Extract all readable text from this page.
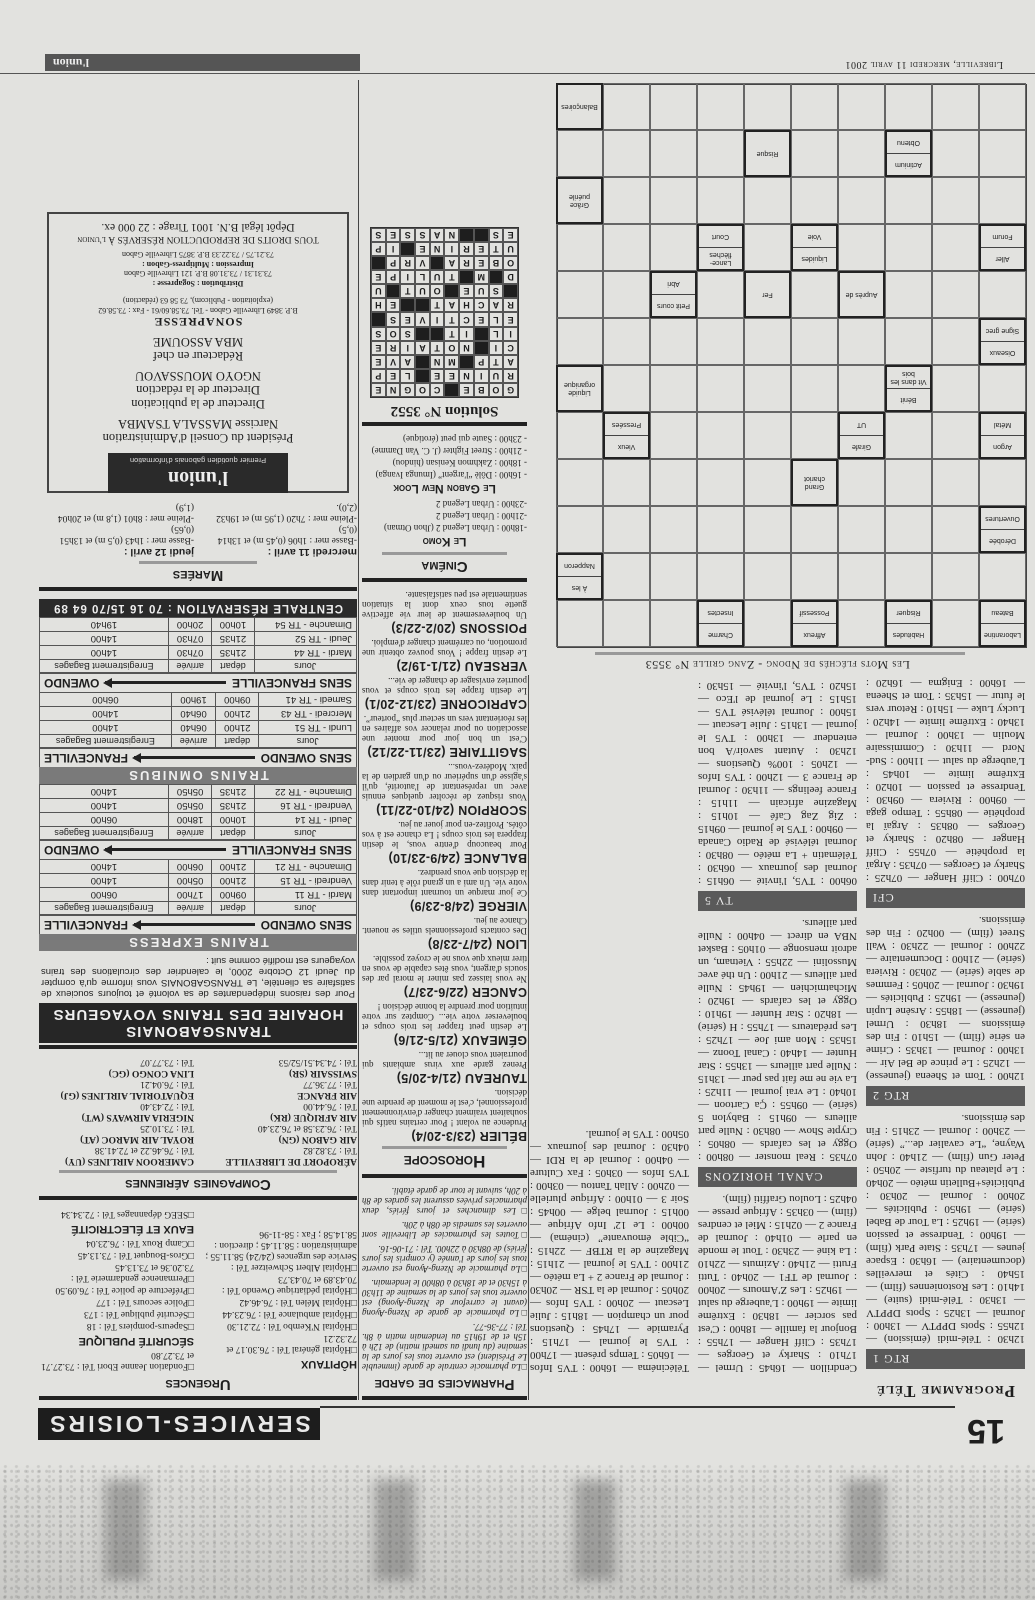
15
SERVICES-LOISIRS
Programme Télé
RTG 1

12h30 : Télé-midi (émission) — 12h55 : Spots DPPTV — 13h00 : Journal — 13h25 : Spots DPPTV — 13h30 : Télé-midi (suite) — 14h10 : Les Rostoniennes (film) — 15h40 : Cités et merveilles (documentaire) — 16h30 : Espace jeunes — 17h35 : State Park (film) — 19h00 : Tendresse et passion (série) — 19h25 : La Tour de Babel (série) — 19h50 : Publicités — 20h00 : Journal — 20h30 : Publicités+Bulletin météo — 20h40 : Le plateau du turfiste — 20h50 : Peter Gun (film) — 21h40 : John Wayne, “Le cavalier de...” (série) — 23h00 : Journal — 23h15 : Fin des émissions.

RTG 2

12h00 : Tom et Sheena (jeunesse) — 12h25 : Le prince de Bel Air — 13h00 : Journal — 13h35 : Crime en série (film) — 15h10 : Fin des émissions — 18h30 : Urmel (jeunesse) — 18h55 : Arsène Lupin (jeunesse) — 19h25 : Publicités — 19h30 : Journal — 20h05 : Femmes de sable (série) — 20h30 : Riviera (série) — 21h00 : Documentaire — 22h00 : Journal — 22h30 : Wall Street (film) — 00h20 : Fin des émissions.

CFI

07h00 : Cliff Hanger — 07h25 : Sharky et Georges — 07h35 : Argaï la prophétie — 07h55 : Cliff Hanger — 08h20 : Sharky et Georges — 08h35 : Argaï la prophétie — 08h55 : Tempo gaga — 09h00 : Riviera — 09h30 : Tendresse et passion — 10h20 : Extrême limite — 10h45 : L'auberge du salut — 11h00 : Sud-Nord — 11h30 : Commissaire Moulin — 13h00 : Journal — 13h40 : Extrême limite — 14h20 : Lucky Luke — 15h10 : Retour vers le futur — 15h35 : Tom et Sheena — 16h00 : Enigma — 16h20 : Cendrillon — 16h45 : Urmel — 17h10 : Sharky et Georges — 17h35 : Cliff Hanger — 17h55 : Bonjour la famille — 18h00 : C'est pas sorcier — 18h30 : Extrême limite — 19h00 : L'auberge du salut — 19h25 : Les Z'Amours — 20h00 : Journal de TF1 — 20h40 : Tutti Frutti — 21h40 : Azimuts — 22h10 : La kiné — 23h30 : Tout le monde en parle — 01h40 : Journal de France 2 — 02h15 : Miel et cendres (film) — 03h35 : Afrique presse — 04h25 : Loulou Graffiti (film).

CANAL HORIZONS

07h35 : Real monster — 08h00 : Oggy et les cafards — 08h05 : Crypte Show — 08h30 : Nulle part ailleurs — 09h15 : Babylon 5 (série) — 09h55 : Ça Cartoon — 10h40 : Le vrai journal — 11h25 : La vie ne me fait pas peur — 13h15 : Nulle part ailleurs — 13h55 : Star Hunter — 14h40 : Canal Toonz — 15h35 : Mon ami Joe — 17h25 : Les prédateurs — 17h55 : H (série) — 18h20 : Star Hunter — 19h10 : Oggy et les cafards — 19h20 : Michatmichien — 19h45 : Nulle part ailleurs — 21h00 : Un thé avec Mussolini — 22h55 : Vietnam, un adroit mensonge — 01h05 : Basket NBA en direct — 04h00 : Nulle part ailleurs.

TV 5

06h00 : TV5, l'invité — 06h15 : Journal des journaux — 06h30 : Télématin + La météo — 08h30 : Journal télévisé de Radio Canada — 09h00 : TV5 le journal — 09h15 : Zig Zag Café — 10h15 : Magazine africain — 11h15 : France feelings — 11h30 : Journal de France 3 — 12h00 : TV5 Infos — 12h05 : 100% Questions — 12h30 : Autant savoir/A bon entendeur — 13h00 : TV5 le journal — 13h15 : Julie Lescaut — 15h00 : Journal télévisé TV5 — 15h15 : Le journal de l'Eco — 15h20 : TV5, l'invité — 15h30 : Télécinéma — 16h00 : TV5 Infos — 16h05 : Temps présent — 17h00 : TV5 le journal — 17h15 : Pyramide — 17h45 : Questions pour un champion — 18h15 : Julie Lescaut — 20h00 : TV5 Infos — 20h05 : Journal de la TSR — 20h30 : Journal de France 2 + La météo — 21h00 : TV5 le journal — 21h15 : Magazine de la RTBF — 22h15 : “Cible émouvante” (cinéma) — 00h00 : Le 12' Info Afrique — 00h15 : Journal belge — 00h45 : Soir 3 — 01h00 : Afrique plurielle — 02h00 : Allah Tantou — 03h00 : TV5 Infos — 03h05 : Fax Culture — 04h00 : Journal de la RDI — 04h30 : Journal des journaux — 05h00 : TV5 le journal.

Les Mots fléchés de Ndong - Zang grille N° 3553
Laborantine
Bateau
Habitudes
Risquer
Affreux
Possessif
Charme
Insectes
À les
Napperon
Dérobée
Ouvertures
Grand chariot
Argon
Métal
Girafe
UT
Vieux
Pressées
Bénit
Vit dans les bois
Liquide organique
Oiseaux
Signe grec
Auprès de
Fer
Petit cours
Abri
Aller
Forum
Liquides
Voie
Lance-flèches
Court
Grâce puérile
Actinium
Obtenu
Risque
Balançoires
Pharmacies de garde

□ La pharmacie centrale de garde (immeuble Le Président) est ouverte tous les jours de la semaine (du lundi au samedi matin) de 12h à 15h et de 19h15 au lendemain matin à 8h. Tél : 77-36-77.

□ La pharmacie de garde de Nzeng-Ayong (avant le carrefour de Nzeng-Ayong) est ouverte tous les jours de la semaine de 11h30 à 15h30 et de 18h30 à 08h00 le lendemain.

□ La pharmacie de Nzeng-Ayong est ouverte tous les jours de l'année (y compris les jours fériés) de 08h30 à 22h00. Tél : 71-06-16.

□ Toutes les pharmacies de Libreville sont ouvertes les samedis de 08h à 20h.

□ Les dimanches et jours fériés, deux pharmacies privées assurent les gardes de 8h à 20h, suivant le tour de garde établi.

Horoscope
BÉLIER (23/3-20/4)

Prudence au volant ! Pour certains natifs qui souhaitent vraiment changer d'environnement professionnel, c'est le moment de prendre une décision.

TAUREAU (21/4-20/5)

Prenez garde aux virus ambiants qui pourraient vous clouer au lit...

GÉMEAUX (21/5-21/6)

Le destin peut frapper les trois coups et bouleverser votre vie... Comptez sur votre intuition pour prendre la bonne décision !

CANCER (22/6-23/7)

Ne vous laissez pas miner le moral par des soucis d'argent, vous êtes capable de vous en tirer mieux que vous ne le croyez possible.

LION (24/7-23/8)

Des contacts professionnels utiles se nouent. Chance au jeu.

VIERGE (24/8-23/9)

Ce jour marque un tournant important dans votre vie. Un ami a un grand rôle à tenir dans la décision que vous prendrez.

BALANCE (24/9-23/10)

Pour beaucoup d'entre vous, le destin frappera les trois coups ! La chance est à vos côtés. Profitez-en pour jouer au jeu.

SCORPION (24/10-22/11)

Vous risquez de récolter quelques ennuis avec un représentant de l'autorité, qu'il s'agisse d'un supérieur ou d'un gardien de la paix. Modérez-vous...

SAGITTAIRE (23/11-22/12)

C'est un bon jour pour monter une association ou pour relancer vos affaires en les réorientant vers un secteur plus “porteur”.

CAPRICORNE (23/12-20/1)

Le destin frappe les trois coups et vous pourriez envisager de changer de vie...

VERSEAU (21/1-19/2)

Le destin frappe ! Vous pouvez obtenir une promotion, ou carrément changer d'emploi.

POISSONS (20/2-22/3)

Un bouleversement de leur vie affective guette tous ceux dont la situation sentimentale est peu satisfaisante.

Cinéma
Le Komo

-18h00 : Urban Legend 2 (Jhon Otman)

-21h00 : Urban Legend 2

-23h00 : Urban Legend 2

Le Gabon New Look

- 16h00 : Dôlè “l'argent” (Imunga Ivanga)

- 18h00 : Zakhmon Kenisan (hindou)

- 21h00 : Street Fighter (J. C. Van Damme)

- 23h00 : Saute qui peut (érotique)

Solution N° 3552
G
O
B
E
C
O
G
N
E
R
U
I
N
E
E
L
E
P
A
T
P
M
N
A
V
E
C
I
N
O
T
A
I
R
E
I
L
I
T
S
O
S
E
L
E
C
T
I
V
E
S
R
A
C
H
A
T
E
H
S
U
E
O
U
T
U
D
M
T
U
L
I
P
E
O
B
E
R
A
V
R
P
U
T
E
R
I
N
E
I
P
E
S
N
A
S
S
E
S
Urgences
HÔPITAUX
□ Hôpital général Tél : 76.30.17 et 72.32.21
□ Hôpital N'Kembo Tél : 72.21.30
□ Hôpital ambulance Tél : 76.23.44
□ Hôpital Mélen Tél : 76.46.42
□ Hôpital pédiatrique Owendo Tél : 70.43.89 et 70.43.73
□ Hôpital Albert Schweitzer Tél : Service des urgences (24/24) 58.11.55 ; administration : 58.11.45 ; direction : 58.14.58 ; Fax : 58-11-96
□ Fondation Jeanne Ebori Tél : 73.27.71 et 73.27.80
SÉCURITÉ PUBLIQUE
□ Sapeurs-pompiers Tél : 18
□ Sécurité publique Tél : 173
□ Police secours Tél : 177
□ Préfecture de police Tél : 76.09.50
□ Permanence gendarmerie Tél : 73.20.36 et 73.13.45
□ Gros-Bouquet Tél : 73.13.45
□ Camp Roux Tél : 76.23.04
EAUX ET ÉLECTRICITÉ
□ SEEG dépannages Tél : 72.34.34
Compagnies aériennes
AÉROPORT DE LIBREVILLE
Tél : 73.82.82
AIR GABON (GN)
Tél : 76.23.58 et 76.23.40
AIR AFRIQUE (RK)
Tél : 76.44.00
AIR FRANCE
Tél : 77.36.77
SWISSAIR (SR)
Tél : 74.34.51/52/53
CAMEROON AIRLINES (UY)
Tél : 76.46.22 et 72.41.38
ROYAL AIR MAROC (AT)
Tél : 73.10.25
NIGERIA AIRWAYS (WT)
Tél : 72.43.40
EQUATORIAL AIRLINES (GJ)
Tél : 76.04.21
LINA CONGO (GC)
Tél : 73.77.07
TRANSGABONAIS
HORAIRE DES TRAINS VOYAGEURS
Pour des raisons indépendantes de sa volonté et toujours soucieux de satisfaire sa clientèle, Le TRANSGABONAIS vous informe qu'à compter du Jeudi 12 Octobre 2000, le calendrier des circulations des trains voyageurs est modifié comme suit :
TRAINS EXPRESS
SENS OWENDO
FRANCEVILLE
Jours	départ	arrivée	Enregistrement Bagages
Mardi - TR 11	09h00	17h00	06h00
Vendredi - TR 15	21h00	05h00	14h00
Dimanche - TR 21	21h00	06h00	14h00
SENS FRANCEVILLE
OWENDO
Jours	départ	arrivée	Enregistrement Bagages
Jeudi - TR 14	10h00	18h00	06h00
Vendredi - TR 16	21h35	05h50	14h00
Dimanche - TR 22	21h35	05h50	14h00
TRAINS OMNIBUS
SENS OWENDO
FRANCEVILLE
Jours	départ	arrivée	Enregistrement Bagages
Lundi - TR 51	21h00	06h40	14h00
Mercredi - TR 43	21h00	06h40	14h00
Samedi - TR 41	09h00	19h00	06h00
SENS FRANCEVILLE
OWENDO
Jours	départ	arrivée	Enregistrement Bagages
Mardi - TR 44	21h35	07h30	14h00
Jeudi - TR 52	21h35	07h30	14h00
Dimanche - TR 54	10h00	20h00	19h40
CENTRALE RÉSERVATION : 70 16 15/70 64 89
Marées
mercredi 11 avril :
-Basse mer : 1h06 (0,45 m) et 13h14 (0,5)
-Pleine mer : 7h20 (1,95 m) et 19h32 (2,0).
jeudi 12 avril :
-Basse mer : 1h43 (0,5 m) et 13h51 (0,65)
-Pleine mer : 8h01 (1,8 m) et 20h04 (1,9)
l'union
Premier quotidien gabonais d'information
Président du Conseil d'Administration
Narcisse MASSALA TSAMBA
Directeur de la publication
Directeur de la rédaction
NGOYO MOUSSAVOU
Rédacteur en chef
MBA ASSOUME
SONAPRESSE
B.P. 3849 Libreville Gabon - Tel. 73.58.60/61 - Fax : 73.58.62
(exploitation - Publicom), 73 58 63 (rédaction)
Distribution : Sogapresse :
73.31.31 / 73.31.08 B.P. 121 Libreville Gabon
Impression : Multipress-Gabon :
73.21.75 / 73.22.33 B.P. 3875 Libreville Gabon
TOUS DROITS DE REPRODUCTION RÉSERVÉS À l'union
Dépôt légal B.N. 1001 Tirage : 22 000 ex.
Libreville, mercredi 11 avril 2001
l'union
